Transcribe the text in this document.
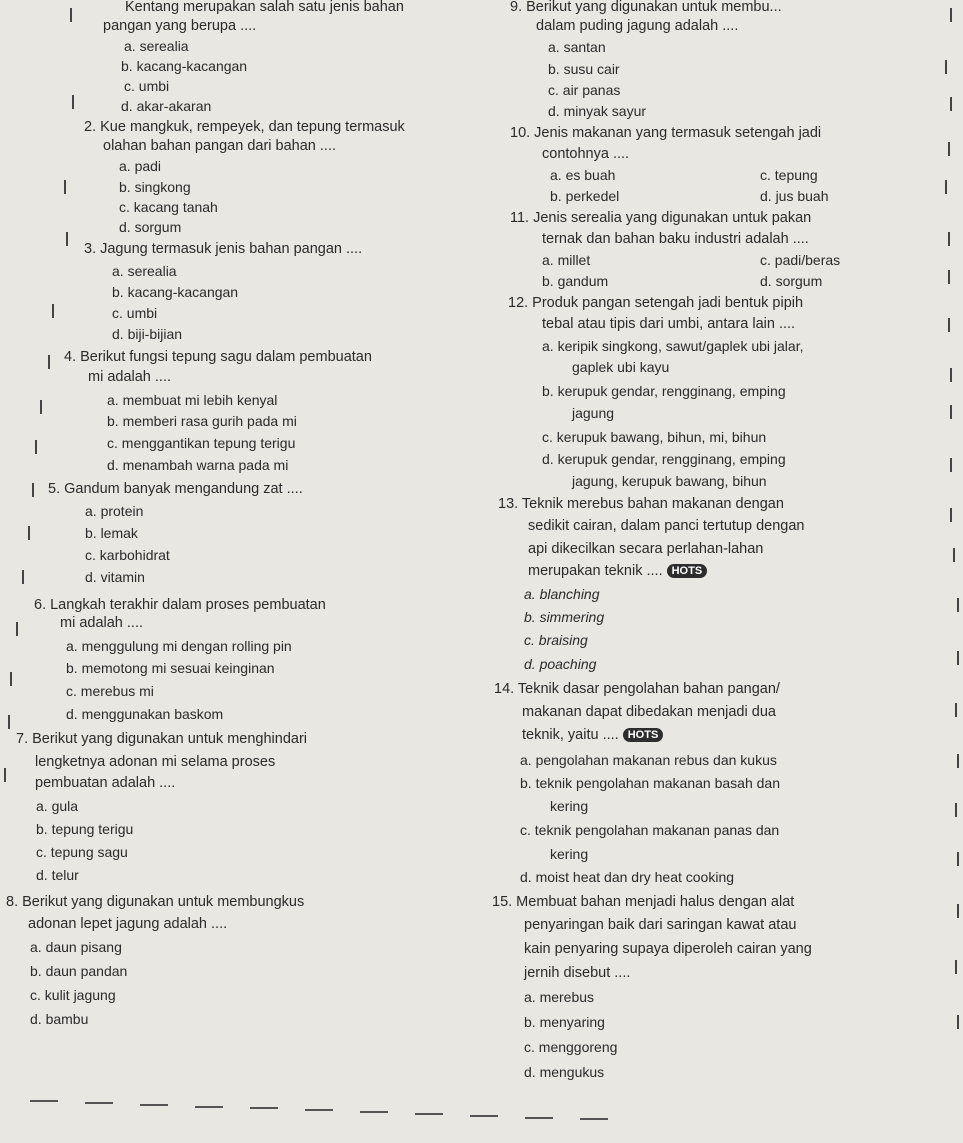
Kentang merupakan salah satu jenis bahan
pangan yang berupa ....
a. serealia
b. kacang-kacangan
c. umbi
d. akar-akaran
2. Kue mangkuk, rempeyek, dan tepung termasuk
olahan bahan pangan dari bahan ....
a. padi
b. singkong
c. kacang tanah
d. sorgum
3. Jagung termasuk jenis bahan pangan ....
a. serealia
b. kacang-kacangan
c. umbi
d. biji-bijian
4. Berikut fungsi tepung sagu dalam pembuatan
mi adalah ....
a. membuat mi lebih kenyal
b. memberi rasa gurih pada mi
c. menggantikan tepung terigu
d. menambah warna pada mi
5. Gandum banyak mengandung zat ....
a. protein
b. lemak
c. karbohidrat
d. vitamin
6. Langkah terakhir dalam proses pembuatan
mi adalah ....
a. menggulung mi dengan rolling pin
b. memotong mi sesuai keinginan
c. merebus mi
d. menggunakan baskom
7. Berikut yang digunakan untuk menghindari
lengketnya adonan mi selama proses
pembuatan adalah ....
a. gula
b. tepung terigu
c. tepung sagu
d. telur
8. Berikut yang digunakan untuk membungkus
adonan lepet jagung adalah ....
a. daun pisang
b. daun pandan
c. kulit jagung
d. bambu
9. Berikut yang digunakan untuk membu...
dalam puding jagung adalah ....
a. santan
b. susu cair
c. air panas
d. minyak sayur
10. Jenis makanan yang termasuk setengah jadi
contohnya ....
a. es buah	c. tepung
b. perkedel	d. jus buah
11. Jenis serealia yang digunakan untuk pakan
ternak dan bahan baku industri adalah ....
a. millet	c. padi/beras
b. gandum	d. sorgum
12. Produk pangan setengah jadi bentuk pipih
tebal atau tipis dari umbi, antara lain ....
a. keripik singkong, sawut/gaplek ubi jalar,
gaplek ubi kayu
b. kerupuk gendar, rengginang, emping
jagung
c. kerupuk bawang, bihun, mi, bihun
d. kerupuk gendar, rengginang, emping
jagung, kerupuk bawang, bihun
13. Teknik merebus bahan makanan dengan
sedikit cairan, dalam panci tertutup dengan
api dikecilkan secara perlahan-lahan
merupakan teknik .... HOTS
a. blanching
b. simmering
c. braising
d. poaching
14. Teknik dasar pengolahan bahan pangan/
makanan dapat dibedakan menjadi dua
teknik, yaitu .... HOTS
a. pengolahan makanan rebus dan kukus
b. teknik pengolahan makanan basah dan
kering
c. teknik pengolahan makanan panas dan
kering
d. moist heat dan dry heat cooking
15. Membuat bahan menjadi halus dengan alat
penyaringan baik dari saringan kawat atau
kain penyaring supaya diperoleh cairan yang
jernih disebut ....
a. merebus
b. menyaring
c. menggoreng
d. mengukus
